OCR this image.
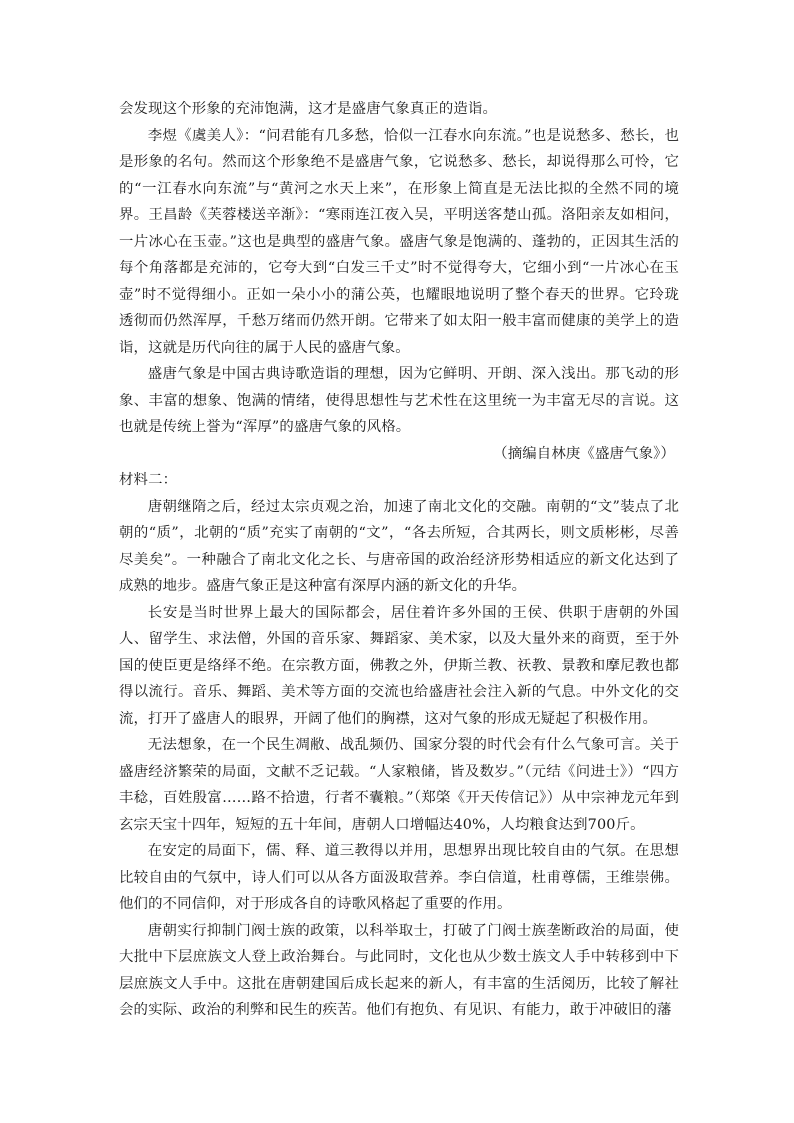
会发现这个形象的充沛饱满，这才是盛唐气象真正的造诣。

李煜《虞美人》：“问君能有几多愁，恰似一江春水向东流。”也是说愁多、愁长，也是形象的名句。然而这个形象绝不是盛唐气象，它说愁多、愁长，却说得那么可怜，它的“一江春水向东流”与“黄河之水天上来”，在形象上简直是无法比拟的全然不同的境界。王昌龄《芙蓉楼送辛渐》：“寒雨连江夜入吴，平明送客楚山孤。洛阳亲友如相问，一片冰心在玉壶。”这也是典型的盛唐气象。盛唐气象是饱满的、蓬勃的，正因其生活的每个角落都是充沛的，它夸大到“白发三千丈”时不觉得夸大，它细小到“一片冰心在玉壶”时不觉得细小。正如一朵小小的蒲公英，也耀眼地说明了整个春天的世界。它玲珑透彻而仍然浑厚，千愁万绪而仍然开朗。它带来了如太阳一般丰富而健康的美学上的造诣，这就是历代向往的属于人民的盛唐气象。

盛唐气象是中国古典诗歌造诣的理想，因为它鲜明、开朗、深入浅出。那飞动的形象、丰富的想象、饱满的情绪，使得思想性与艺术性在这里统一为丰富无尽的言说。这也就是传统上誉为“浑厚”的盛唐气象的风格。

（摘编自林庚《盛唐气象》）

材料二：

唐朝继隋之后，经过太宗贞观之治，加速了南北文化的交融。南朝的“文”装点了北朝的“质”，北朝的“质”充实了南朝的“文”，“各去所短，合其两长，则文质彬彬，尽善尽美矣”。一种融合了南北文化之长、与唐帝国的政治经济形势相适应的新文化达到了成熟的地步。盛唐气象正是这种富有深厚内涵的新文化的升华。

长安是当时世界上最大的国际都会，居住着许多外国的王侯、供职于唐朝的外国人、留学生、求法僧，外国的音乐家、舞蹈家、美术家，以及大量外来的商贾，至于外国的使臣更是络绎不绝。在宗教方面，佛教之外，伊斯兰教、祆教、景教和摩尼教也都得以流行。音乐、舞蹈、美术等方面的交流也给盛唐社会注入新的气息。中外文化的交流，打开了盛唐人的眼界，开阔了他们的胸襟，这对气象的形成无疑起了积极作用。

无法想象，在一个民生凋敝、战乱频仍、国家分裂的时代会有什么气象可言。关于盛唐经济繁荣的局面，文献不乏记载。“人家粮储，皆及数岁。”（元结《问进士》）“四方丰稔，百姓殷富……路不拾遗，行者不囊粮。”（郑棨《开天传信记》）从中宗神龙元年到玄宗天宝十四年，短短的五十年间，唐朝人口增幅达40%，人均粮食达到700斤。

在安定的局面下，儒、释、道三教得以并用，思想界出现比较自由的气氛。在思想比较自由的气氛中，诗人们可以从各方面汲取营养。李白信道，杜甫尊儒，王维崇佛。他们的不同信仰，对于形成各自的诗歌风格起了重要的作用。

唐朝实行抑制门阀士族的政策，以科举取士，打破了门阀士族垄断政治的局面，使大批中下层庶族文人登上政治舞台。与此同时，文化也从少数士族文人手中转移到中下层庶族文人手中。这批在唐朝建国后成长起来的新人，有丰富的生活阅历，比较了解社会的实际、政治的利弊和民生的疾苦。他们有抱负、有见识、有能力，敢于冲破旧的藩
